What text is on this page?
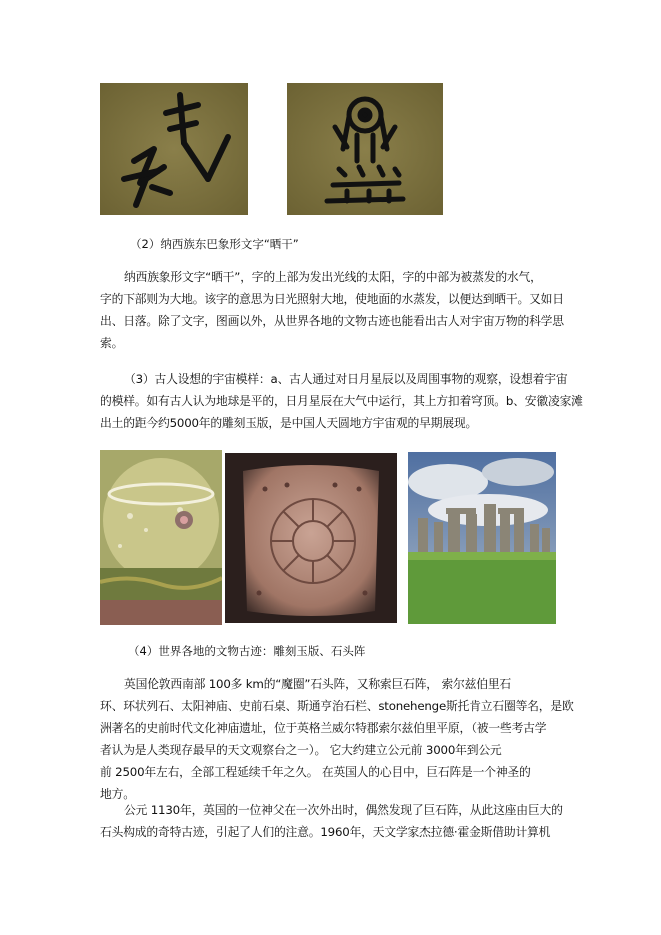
（2）纳西族东巴象形文字“晒干”
纳西族象形文字“晒干”，字的上部为发出光线的太阳，字的中部为被蒸发的水气，
字的下部则为大地。该字的意思为日光照射大地，使地面的水蒸发，以便达到晒干。又如日
出、日落。除了文字，图画以外，从世界各地的文物古迹也能看出古人对宇宙万物的科学思
索。
（3）古人设想的宇宙模样：a、古人通过对日月星辰以及周围事物的观察，设想着宇宙
的模样。如有古人认为地球是平的，日月星辰在大气中运行，其上方扣着穹顶。b、安徽凌家滩
出土的距今约5000年的雕刻玉版，是中国人天圆地方宇宙观的早期展现。
（4）世界各地的文物古迹：雕刻玉版、石头阵
英国伦敦西南部 100多 km的“魔圈”石头阵，又称索巨石阵， 索尔兹伯里石
环、环状列石、太阳神庙、史前石桌、斯通亨治石栏、stonehenge斯托肯立石圈等名，是欧
洲著名的史前时代文化神庙遗址，位于英格兰威尔特郡索尔兹伯里平原，（被一些考古学
者认为是人类现存最早的天文观察台之一）。 它大约建立公元前 3000年到公元
前 2500年左右，全部工程延续千年之久。 在英国人的心目中，巨石阵是一个神圣的
地方。
公元 1130年，英国的一位神父在一次外出时，偶然发现了巨石阵，从此这座由巨大的
石头构成的奇特古迹，引起了人们的注意。1960年，天文学家杰拉德·霍金斯借助计算机
